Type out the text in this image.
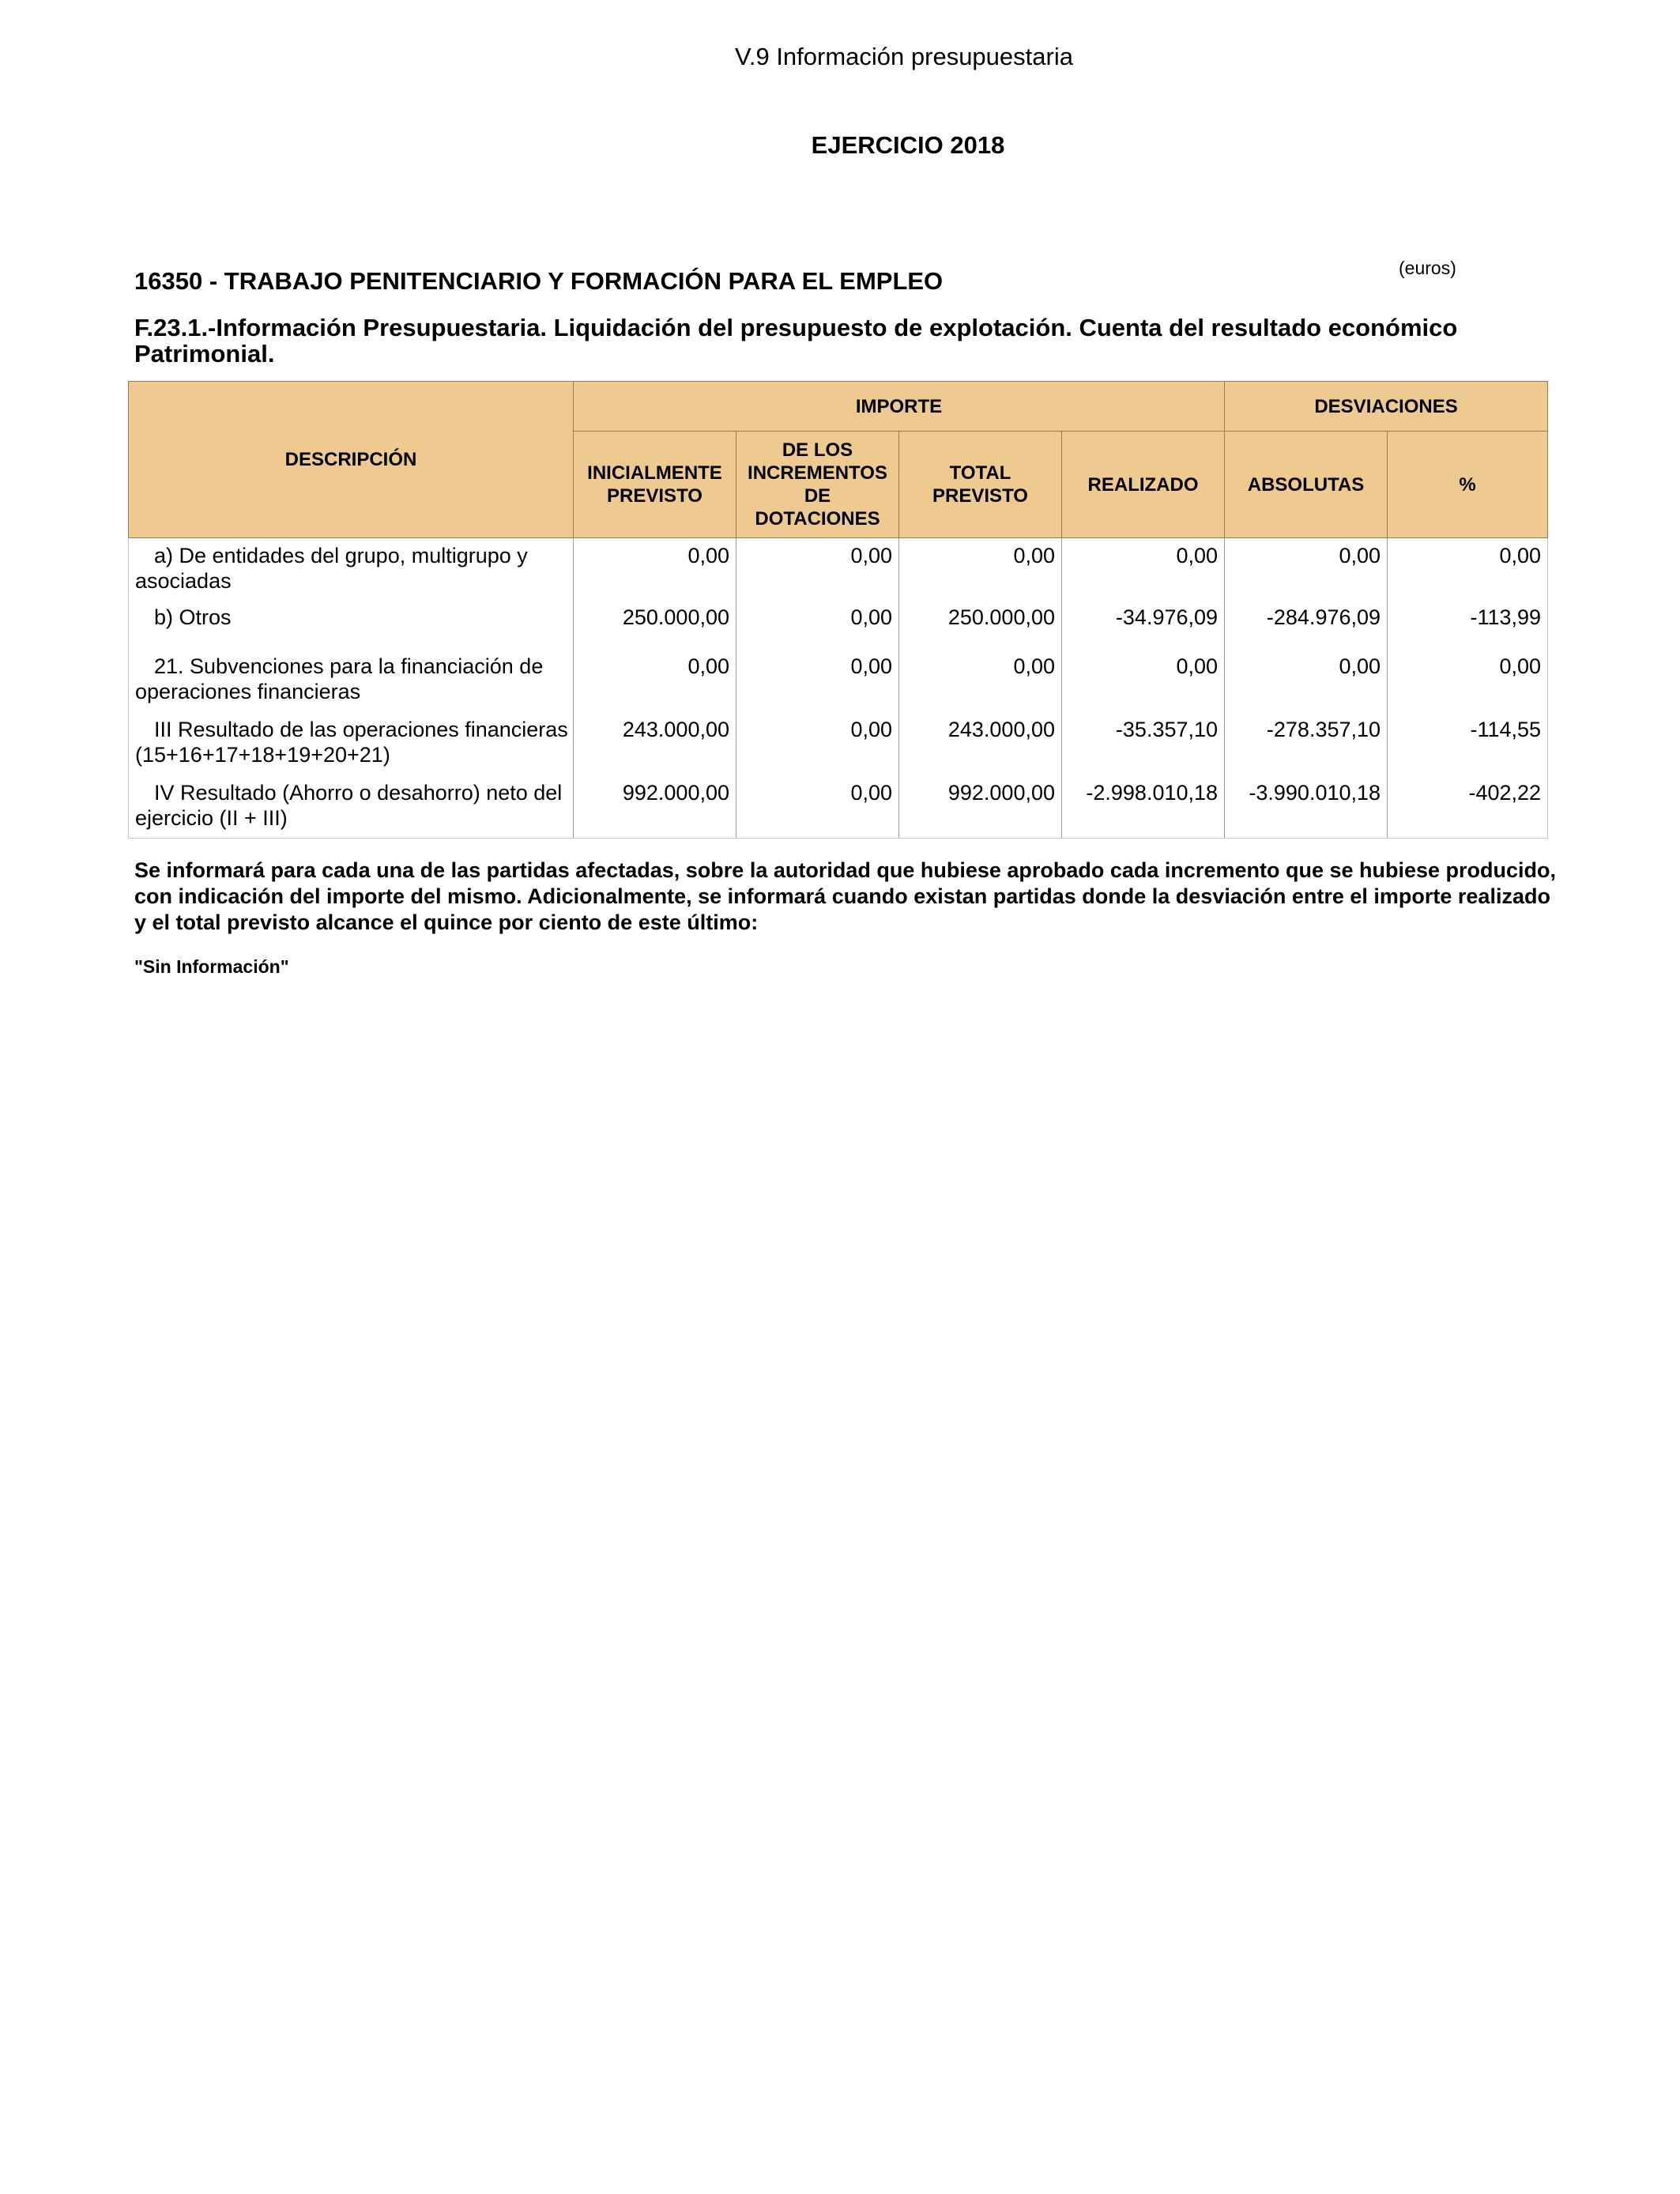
V.9 Información presupuestaria
EJERCICIO 2018
(euros)
16350 - TRABAJO PENITENCIARIO Y FORMACIÓN PARA EL EMPLEO
F.23.1.-Información Presupuestaria. Liquidación del presupuesto de explotación. Cuenta del resultado económico Patrimonial.
DESCRIPCIÓN	IMPORTE				DESVIACIONES	
	INICIALMENTE PREVISTO	DE LOS INCREMENTOS DE DOTACIONES	TOTAL PREVISTO	REALIZADO	ABSOLUTAS	%

a) De entidades del grupo, multigrupo y asociadas	0,00	0,00	0,00	0,00	0,00	0,00

b) Otros	250.000,00	0,00	250.000,00	-34.976,09	-284.976,09	-113,99

21. Subvenciones para la financiación de operaciones financieras	0,00	0,00	0,00	0,00	0,00	0,00

III Resultado de las operaciones financieras (15+16+17+18+19+20+21)	243.000,00	0,00	243.000,00	-35.357,10	-278.357,10	-114,55

IV Resultado (Ahorro o desahorro) neto del ejercicio (II + III)	992.000,00	0,00	992.000,00	-2.998.010,18	-3.990.010,18	-402,22
Se informará para cada una de las partidas afectadas, sobre la autoridad que hubiese aprobado cada incremento que se hubiese producido, con indicación del importe del mismo. Adicionalmente, se informará cuando existan partidas donde la desviación entre el importe realizado y el total previsto alcance el quince por ciento de este último:
"Sin Información"
